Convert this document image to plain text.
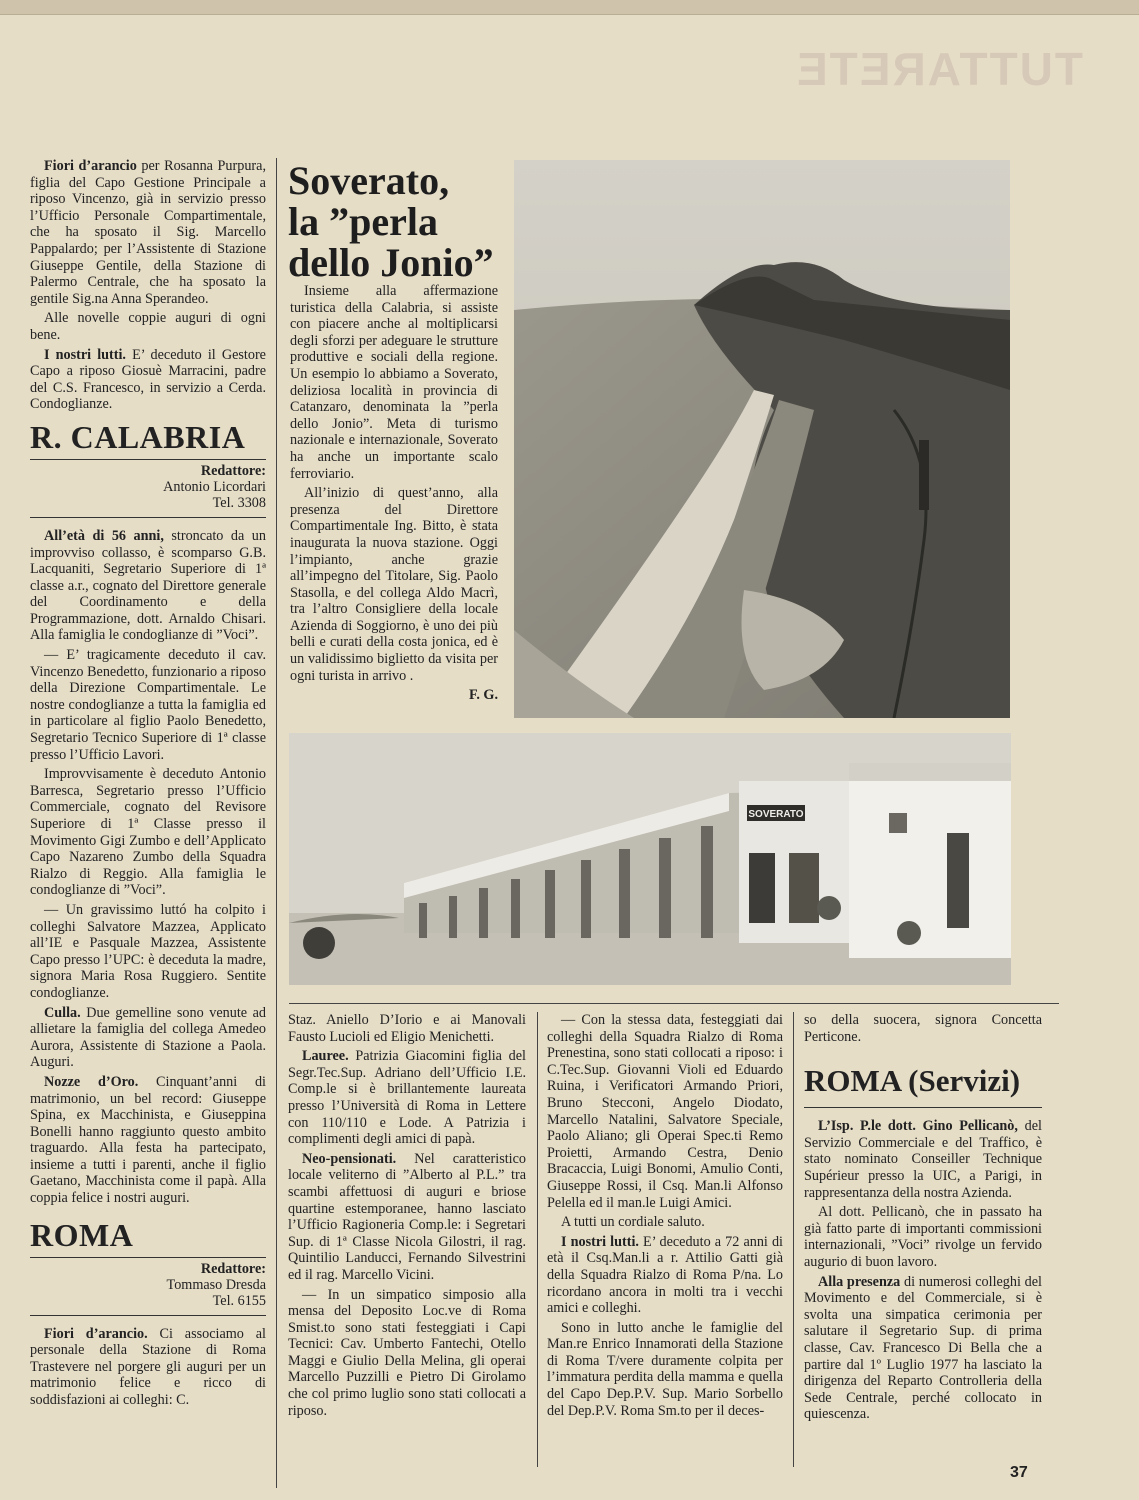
TUTTARETE

Fiori d’arancio per Rosanna Purpura, figlia del Capo Gestione Principale a riposo Vincenzo, già in servizio presso l’Ufficio Personale Compartimentale, che ha sposato il Sig. Marcello Pappalardo; per l’Assistente di Stazione Giuseppe Gentile, della Stazione di Palermo Centrale, che ha sposato la gentile Sig.na Anna Sperandeo.

Alle novelle coppie auguri di ogni bene.

I nostri lutti. E’ deceduto il Gestore Capo a riposo Giosuè Marracini, padre del C.S. Francesco, in servizio a Cerda. Condoglianze.

R. CALABRIA
Redattore:
Antonio Licordari
Tel. 3308

All’età di 56 anni, stroncato da un improvviso collasso, è scomparso G.B. Lacquaniti, Segretario Superiore di 1ª classe a.r., cognato del Direttore generale del Coordinamento e della Programmazione, dott. Arnaldo Chisari. Alla famiglia le condoglianze di ”Voci”.

— E’ tragicamente deceduto il cav. Vincenzo Benedetto, funzionario a riposo della Direzione Compartimentale. Le nostre condoglianze a tutta la famiglia ed in particolare al figlio Paolo Benedetto, Segretario Tecnico Superiore di 1ª classe presso l’Ufficio Lavori.

Improvvisamente è deceduto Antonio Barresca, Segretario presso l’Ufficio Commerciale, cognato del Revisore Superiore di 1ª Classe presso il Movimento Gigi Zumbo e dell’Applicato Capo Nazareno Zumbo della Squadra Rialzo di Reggio. Alla famiglia le condoglianze di ”Voci”.

— Un gravissimo luttó ha colpito i colleghi Salvatore Mazzea, Applicato all’IE e Pasquale Mazzea, Assistente Capo presso l’UPC: è deceduta la madre, signora Maria Rosa Ruggiero. Sentite condoglianze.

Culla. Due gemelline sono venute ad allietare la famiglia del collega Amedeo Aurora, Assistente di Stazione a Paola. Auguri.

Nozze d’Oro. Cinquant’anni di matrimonio, un bel record: Giuseppe Spina, ex Macchinista, e Giuseppina Bonelli hanno raggiunto questo ambito traguardo. Alla festa ha partecipato, insieme a tutti i parenti, anche il figlio Gaetano, Macchinista come il papà. Alla coppia felice i nostri auguri.

ROMA
Redattore:
Tommaso Dresda
Tel. 6155

Fiori d’arancio. Ci associamo al personale della Stazione di Roma Trastevere nel porgere gli auguri per un matrimonio felice e ricco di soddisfazioni ai colleghi: C.

Soverato,
la ”perla
dello Jonio”

Insieme alla affermazione turistica della Calabria, si assiste con piacere anche al moltiplicarsi degli sforzi per adeguare le strutture produttive e sociali della regione. Un esempio lo abbiamo a Soverato, deliziosa località in provincia di Catanzaro, denominata la ”perla dello Jonio”. Meta di turismo nazionale e internazionale, Soverato ha anche un importante scalo ferroviario.

All’inizio di quest’anno, alla presenza del Direttore Compartimentale Ing. Bitto, è stata inaugurata la nuova stazione. Oggi l’impianto, anche grazie all’impegno del Titolare, Sig. Paolo Stasolla, e del collega Aldo Macrì, tra l’altro Consigliere della locale Azienda di Soggiorno, è uno dei più belli e curati della costa jonica, ed è un validissimo biglietto da visita per ogni turista in arrivo .

F. G.
SOVERATO

Staz. Aniello D’Iorio e ai Manovali Fausto Lucioli ed Eligio Menichetti.

Lauree. Patrizia Giacomini figlia del Segr.Tec.Sup. Adriano dell’Ufficio I.E. Comp.le si è brillantemente laureata presso l’Università di Roma in Lettere con 110/110 e Lode. A Patrizia i complimenti degli amici di papà.

Neo-pensionati. Nel caratteristico locale veliterno di ”Alberto al P.L.” tra scambi affettuosi di auguri e briose quartine estemporanee, hanno lasciato l’Ufficio Ragioneria Comp.le: i Segretari Sup. di 1ª Classe Nicola Gilostri, il rag. Quintilio Landucci, Fernando Silvestrini ed il rag. Marcello Vicini.

— In un simpatico simposio alla mensa del Deposito Loc.ve di Roma Smist.to sono stati festeggiati i Capi Tecnici: Cav. Umberto Fantechi, Otello Maggi e Giulio Della Melina, gli operai Marcello Puzzilli e Pietro Di Girolamo che col primo luglio sono stati collocati a riposo.

— Con la stessa data, festeggiati dai colleghi della Squadra Rialzo di Roma Prenestina, sono stati collocati a riposo: i C.Tec.Sup. Giovanni Violi ed Eduardo Ruina, i Verificatori Armando Priori, Bruno Stecconi, Angelo Diodato, Marcello Natalini, Salvatore Speciale, Paolo Aliano; gli Operai Spec.ti Remo Proietti, Armando Cestra, Denio Bracaccia, Luigi Bonomi, Amulio Conti, Giuseppe Rossi, il Csq. Man.li Alfonso Pelella ed il man.le Luigi Amici.

A tutti un cordiale saluto.

I nostri lutti. E’ deceduto a 72 anni di età il Csq.Man.li a r. Attilio Gatti già della Squadra Rialzo di Roma P/na. Lo ricordano ancora in molti tra i vecchi amici e colleghi.

Sono in lutto anche le famiglie del Man.re Enrico Innamorati della Stazione di Roma T/vere duramente colpita per l’immatura perdita della mamma e quella del Capo Dep.P.V. Sup. Mario Sorbello del Dep.P.V. Roma Sm.to per il deces-

so della suocera, signora Concetta Perticone.

ROMA (Servizi)

L’Isp. P.le dott. Gino Pellicanò, del Servizio Commerciale e del Traffico, è stato nominato Conseiller Technique Supérieur presso la UIC, a Parigi, in rappresentanza della nostra Azienda.

Al dott. Pellicanò, che in passato ha già fatto parte di importanti commissioni internazionali, ”Voci” rivolge un fervido augurio di buon lavoro.

Alla presenza di numerosi colleghi del Movimento e del Commerciale, si è svolta una simpatica cerimonia per salutare il Segretario Sup. di prima classe, Cav. Francesco Di Bella che a partire dal 1º Luglio 1977 ha lasciato la dirigenza del Reparto Controlleria della Sede Centrale, perché collocato in quiescenza.

37
